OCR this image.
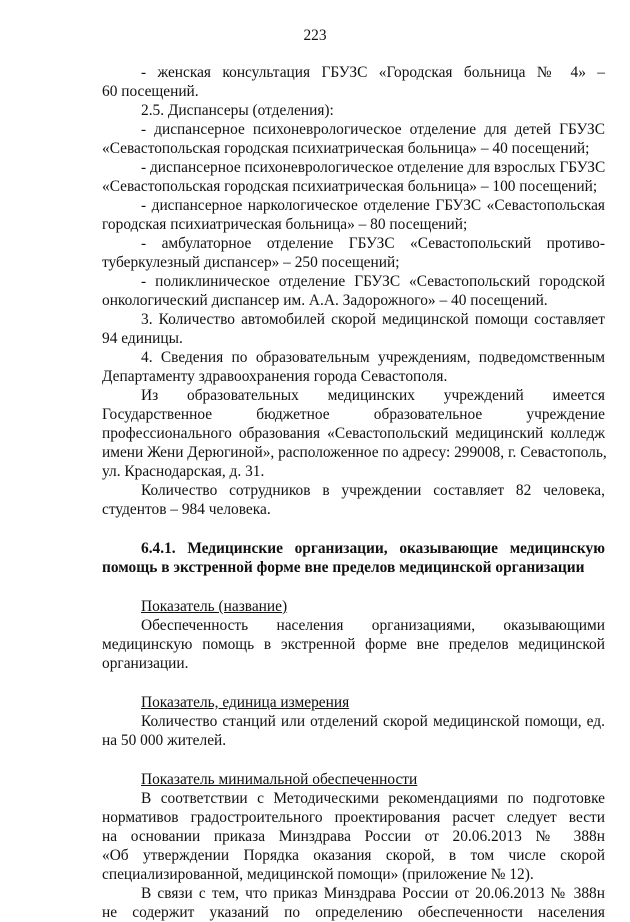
223

- женская консультация ГБУЗС «Городская больница № 4» –

60 посещений.

2.5. Диспансеры (отделения):

- диспансерное психоневрологическое отделение для детей ГБУЗС

«Севастопольская городская психиатрическая больница» – 40 посещений;

- диспансерное психоневрологическое отделение для взрослых ГБУЗС

«Севастопольская городская психиатрическая больница» – 100 посещений;

- диспансерное наркологическое отделение ГБУЗС «Севастопольская

городская психиатрическая больница» – 80 посещений;

- амбулаторное отделение ГБУЗС «Севастопольский противо-

туберкулезный диспансер» – 250 посещений;

- поликлиническое отделение ГБУЗС «Севастопольский городской

онкологический диспансер им. А.А. Задорожного» – 40 посещений.

3. Количество автомобилей скорой медицинской помощи составляет

94 единицы.

4. Сведения по образовательным учреждениям, подведомственным

Департаменту здравоохранения города Севастополя.

Из образовательных медицинских учреждений имеется

Государственное бюджетное образовательное учреждение

профессионального образования «Севастопольский медицинский колледж

имени Жени Дерюгиной», расположенное по адресу: 299008, г. Севастополь,

ул. Краснодарская, д. 31.

Количество сотрудников в учреждении составляет 82 человека,

студентов – 984 человека.

6.4.1. Медицинские организации, оказывающие медицинскую

помощь в экстренной форме вне пределов медицинской организации

Показатель (название)

Обеспеченность населения организациями, оказывающими

медицинскую помощь в экстренной форме вне пределов медицинской

организации.

Показатель, единица измерения

Количество станций или отделений скорой медицинской помощи, ед.

на 50 000 жителей.

Показатель минимальной обеспеченности

В соответствии с Методическими рекомендациями по подготовке

нормативов градостроительного проектирования расчет следует вести

на основании приказа Минздрава России от 20.06.2013 № 388н

«Об утверждении Порядка оказания скорой, в том числе скорой

специализированной, медицинской помощи» (приложение № 12).

В связи с тем, что приказ Минздрава России от 20.06.2013 № 388н

не содержит указаний по определению обеспеченности населения
